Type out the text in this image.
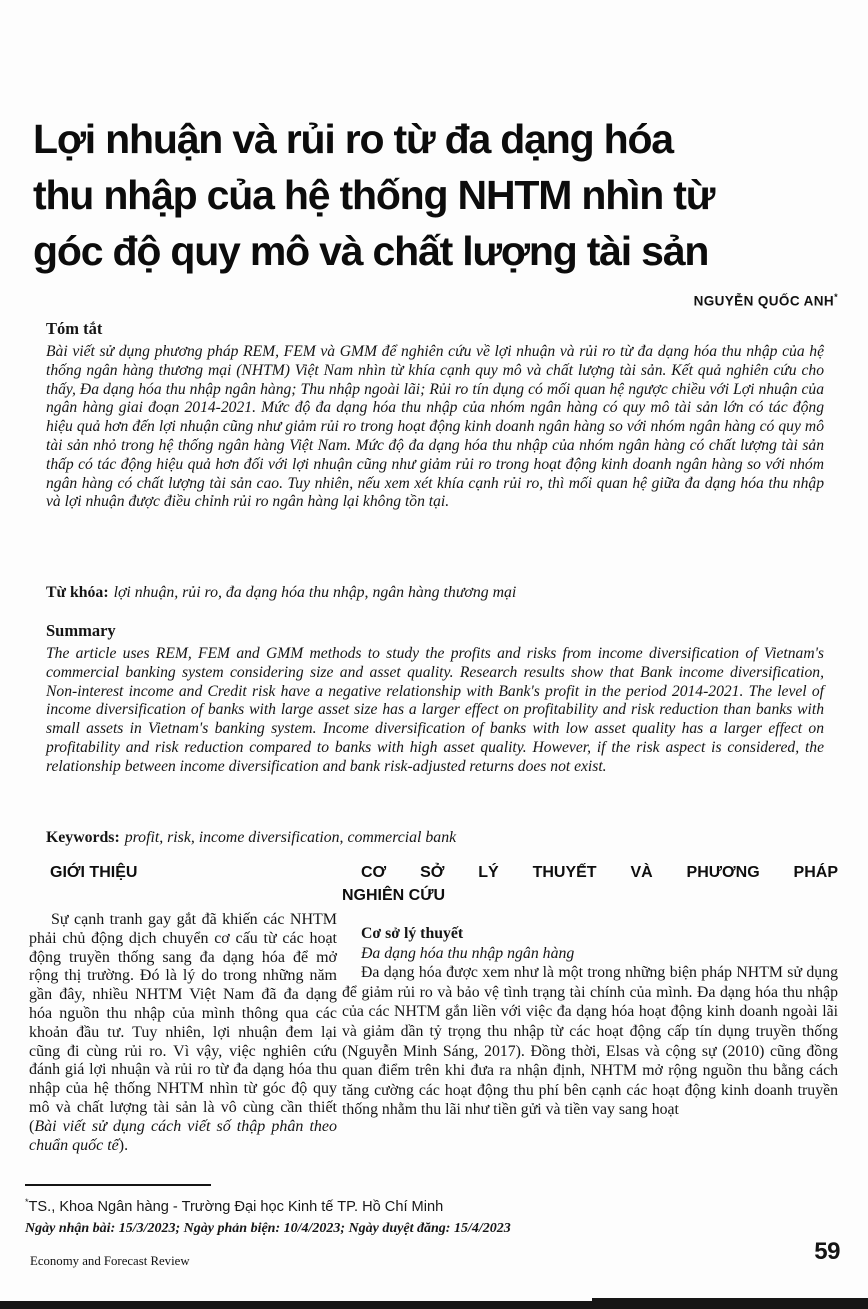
Lợi nhuận và rủi ro từ đa dạng hóa
thu nhập của hệ thống NHTM nhìn từ
góc độ quy mô và chất lượng tài sản
NGUYỄN QUỐC ANH*
Tóm tắt
Bài viết sử dụng phương pháp REM, FEM và GMM để nghiên cứu về lợi nhuận và rủi ro từ đa dạng hóa thu nhập của hệ thống ngân hàng thương mại (NHTM) Việt Nam nhìn từ khía cạnh quy mô và chất lượng tài sản. Kết quả nghiên cứu cho thấy, Đa dạng hóa thu nhập ngân hàng; Thu nhập ngoài lãi; Rủi ro tín dụng có mối quan hệ ngược chiều với Lợi nhuận của ngân hàng giai đoạn 2014-2021. Mức độ đa dạng hóa thu nhập của nhóm ngân hàng có quy mô tài sản lớn có tác động hiệu quả hơn đến lợi nhuận cũng như giảm rủi ro trong hoạt động kinh doanh ngân hàng so với nhóm ngân hàng có quy mô tài sản nhỏ trong hệ thống ngân hàng Việt Nam. Mức độ đa dạng hóa thu nhập của nhóm ngân hàng có chất lượng tài sản thấp có tác động hiệu quả hơn đối với lợi nhuận cũng như giảm rủi ro trong hoạt động kinh doanh ngân hàng so với nhóm ngân hàng có chất lượng tài sản cao. Tuy nhiên, nếu xem xét khía cạnh rủi ro, thì mối quan hệ giữa đa dạng hóa thu nhập và lợi nhuận được điều chỉnh rủi ro ngân hàng lại không tồn tại.
Từ khóa: lợi nhuận, rủi ro, đa dạng hóa thu nhập, ngân hàng thương mại
Summary
The article uses REM, FEM and GMM methods to study the profits and risks from income diversification of Vietnam's commercial banking system considering size and asset quality. Research results show that Bank income diversification, Non-interest income and Credit risk have a negative relationship with Bank's profit in the period 2014-2021. The level of income diversification of banks with large asset size has a larger effect on profitability and risk reduction than banks with small assets in Vietnam's banking system. Income diversification of banks with low asset quality has a larger effect on profitability and risk reduction compared to banks with high asset quality. However, if the risk aspect is considered, the relationship between income diversification and bank risk-adjusted returns does not exist.
Keywords: profit, risk, income diversification, commercial bank
GIỚI THIỆU
Sự cạnh tranh gay gắt đã khiến các NHTM phải chủ động dịch chuyển cơ cấu từ các hoạt động truyền thống sang đa dạng hóa để mở rộng thị trường. Đó là lý do trong những năm gần đây, nhiều NHTM Việt Nam đã đa dạng hóa nguồn thu nhập của mình thông qua các khoản đầu tư. Tuy nhiên, lợi nhuận đem lại cũng đi cùng rủi ro. Vì vậy, việc nghiên cứu đánh giá lợi nhuận và rủi ro từ đa dạng hóa thu nhập của hệ thống NHTM nhìn từ góc độ quy mô và chất lượng tài sản là vô cùng cần thiết (Bài viết sử dụng cách viết số thập phân theo chuẩn quốc tế).
CƠ SỞ LÝ THUYẾT VÀ PHƯƠNG PHÁP
NGHIÊN CỨU
Cơ sở lý thuyết
Đa dạng hóa thu nhập ngân hàng
Đa dạng hóa được xem như là một trong những biện pháp NHTM sử dụng để giảm rủi ro và bảo vệ tình trạng tài chính của mình. Đa dạng hóa thu nhập của các NHTM gắn liền với việc đa dạng hóa hoạt động kinh doanh ngoài lãi và giảm dần tỷ trọng thu nhập từ các hoạt động cấp tín dụng truyền thống (Nguyễn Minh Sáng, 2017). Đồng thời, Elsas và cộng sự (2010) cũng đồng quan điểm trên khi đưa ra nhận định, NHTM mở rộng nguồn thu bằng cách tăng cường các hoạt động thu phí bên cạnh các hoạt động kinh doanh truyền thống nhằm thu lãi như tiền gửi và tiền vay sang hoạt
*TS., Khoa Ngân hàng - Trường Đại học Kinh tế TP. Hồ Chí Minh
Ngày nhận bài: 15/3/2023; Ngày phản biện: 10/4/2023; Ngày duyệt đăng: 15/4/2023
Economy and Forecast Review	59
